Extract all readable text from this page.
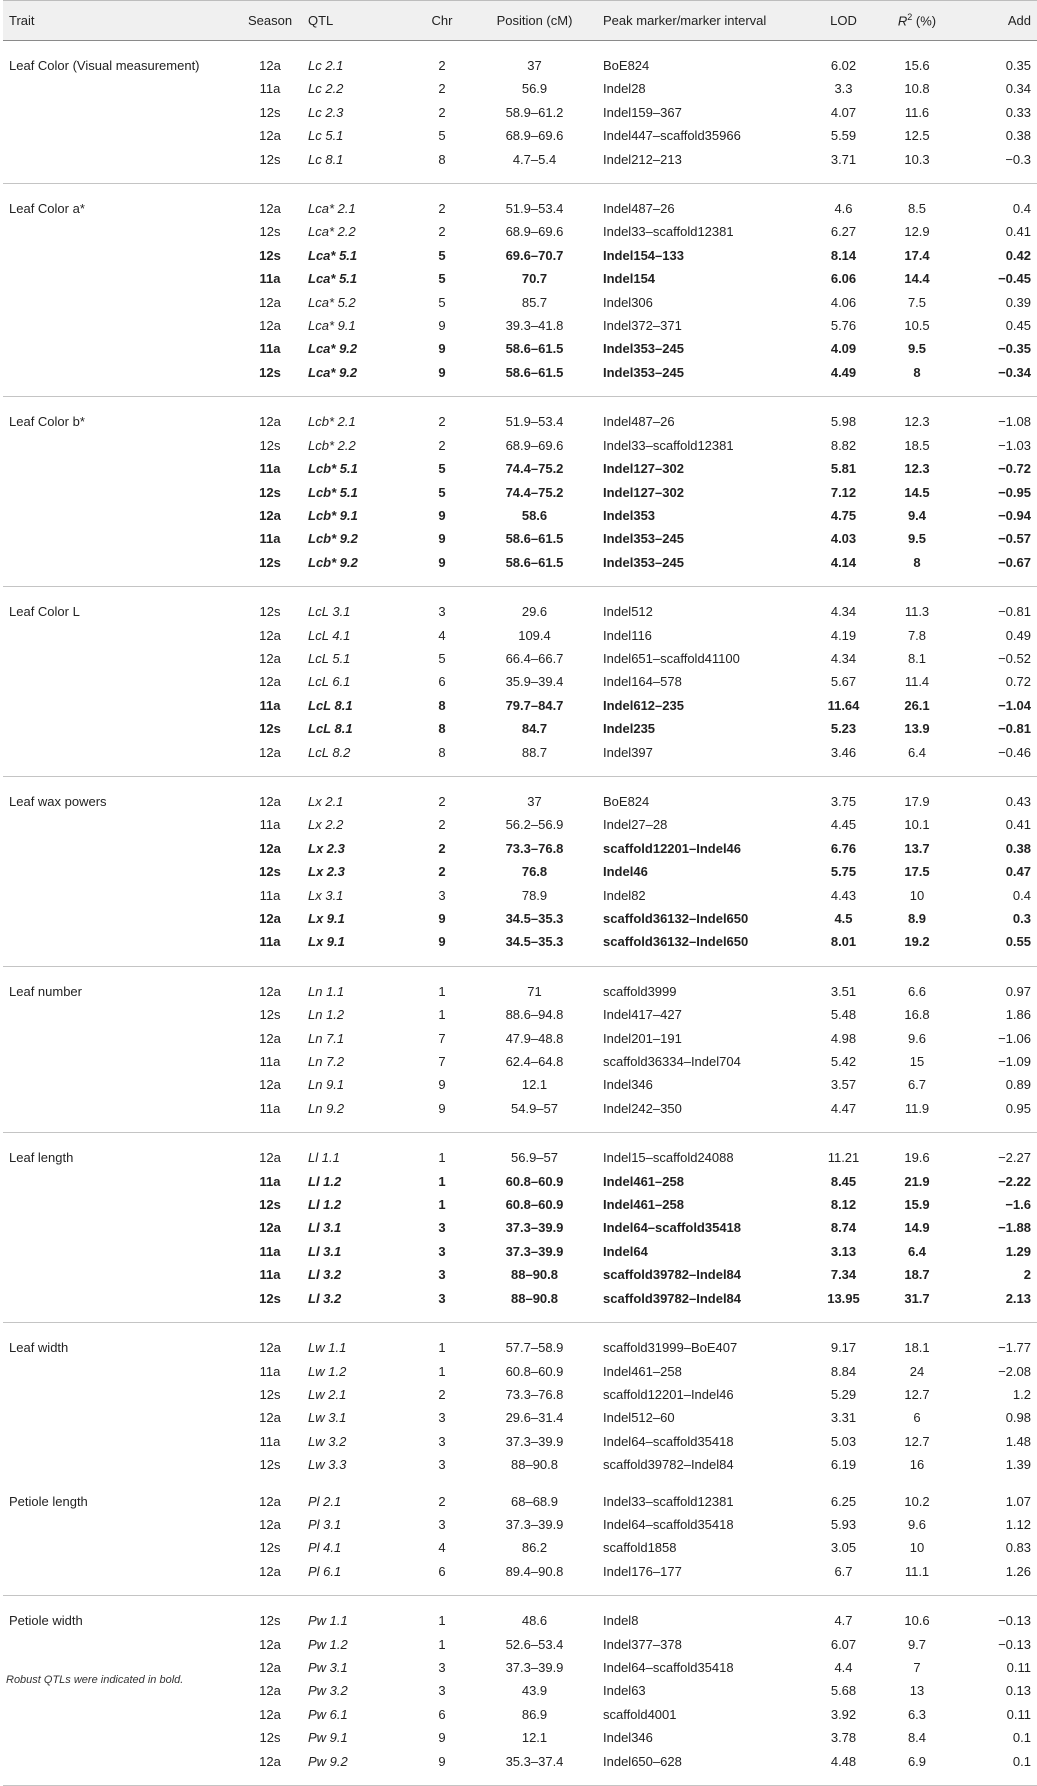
Trait	Season	QTL	Chr	Position (cM)	Peak marker/marker interval	LOD	$R^2$ (%)	Add
Leaf Color (Visual measurement)	12a	Lc 2.1	2	37	BoE824	6.02	15.6	0.35
	11a	Lc 2.2	2	56.9	Indel28	3.3	10.8	0.34
	12s	Lc 2.3	2	58.9–61.2	Indel159–367	4.07	11.6	0.33
	12a	Lc 5.1	5	68.9–69.6	Indel447–scaffold35966	5.59	12.5	0.38
	12s	Lc 8.1	8	4.7–5.4	Indel212–213	3.71	10.3	−0.3
Leaf Color a*	12a	Lca* 2.1	2	51.9–53.4	Indel487–26	4.6	8.5	0.4
	12s	Lca* 2.2	2	68.9–69.6	Indel33–scaffold12381	6.27	12.9	0.41
	12s	Lca* 5.1	5	69.6–70.7	Indel154–133	8.14	17.4	0.42
	11a	Lca* 5.1	5	70.7	Indel154	6.06	14.4	−0.45
	12a	Lca* 5.2	5	85.7	Indel306	4.06	7.5	0.39
	12a	Lca* 9.1	9	39.3–41.8	Indel372–371	5.76	10.5	0.45
	11a	Lca* 9.2	9	58.6–61.5	Indel353–245	4.09	9.5	−0.35
	12s	Lca* 9.2	9	58.6–61.5	Indel353–245	4.49	8	−0.34
Leaf Color b*	12a	Lcb* 2.1	2	51.9–53.4	Indel487–26	5.98	12.3	−1.08
	12s	Lcb* 2.2	2	68.9–69.6	Indel33–scaffold12381	8.82	18.5	−1.03
	11a	Lcb* 5.1	5	74.4–75.2	Indel127–302	5.81	12.3	−0.72
	12s	Lcb* 5.1	5	74.4–75.2	Indel127–302	7.12	14.5	−0.95
	12a	Lcb* 9.1	9	58.6	Indel353	4.75	9.4	−0.94
	11a	Lcb* 9.2	9	58.6–61.5	Indel353–245	4.03	9.5	−0.57
	12s	Lcb* 9.2	9	58.6–61.5	Indel353–245	4.14	8	−0.67
Leaf Color L	12s	LcL 3.1	3	29.6	Indel512	4.34	11.3	−0.81
	12a	LcL 4.1	4	109.4	Indel116	4.19	7.8	0.49
	12a	LcL 5.1	5	66.4–66.7	Indel651–scaffold41100	4.34	8.1	−0.52
	12a	LcL 6.1	6	35.9–39.4	Indel164–578	5.67	11.4	0.72
	11a	LcL 8.1	8	79.7–84.7	Indel612–235	11.64	26.1	−1.04
	12s	LcL 8.1	8	84.7	Indel235	5.23	13.9	−0.81
	12a	LcL 8.2	8	88.7	Indel397	3.46	6.4	−0.46
Leaf wax powers	12a	Lx 2.1	2	37	BoE824	3.75	17.9	0.43
	11a	Lx 2.2	2	56.2–56.9	Indel27–28	4.45	10.1	0.41
	12a	Lx 2.3	2	73.3–76.8	scaffold12201–Indel46	6.76	13.7	0.38
	12s	Lx 2.3	2	76.8	Indel46	5.75	17.5	0.47
	11a	Lx 3.1	3	78.9	Indel82	4.43	10	0.4
	12a	Lx 9.1	9	34.5–35.3	scaffold36132–Indel650	4.5	8.9	0.3
	11a	Lx 9.1	9	34.5–35.3	scaffold36132–Indel650	8.01	19.2	0.55
Leaf number	12a	Ln 1.1	1	71	scaffold3999	3.51	6.6	0.97
	12s	Ln 1.2	1	88.6–94.8	Indel417–427	5.48	16.8	1.86
	12a	Ln 7.1	7	47.9–48.8	Indel201–191	4.98	9.6	−1.06
	11a	Ln 7.2	7	62.4–64.8	scaffold36334–Indel704	5.42	15	−1.09
	12a	Ln 9.1	9	12.1	Indel346	3.57	6.7	0.89
	11a	Ln 9.2	9	54.9–57	Indel242–350	4.47	11.9	0.95
Leaf length	12a	Ll 1.1	1	56.9–57	Indel15–scaffold24088	11.21	19.6	−2.27
	11a	Ll 1.2	1	60.8–60.9	Indel461–258	8.45	21.9	−2.22
	12s	Ll 1.2	1	60.8–60.9	Indel461–258	8.12	15.9	−1.6
	12a	Ll 3.1	3	37.3–39.9	Indel64–scaffold35418	8.74	14.9	−1.88
	11a	Ll 3.1	3	37.3–39.9	Indel64	3.13	6.4	1.29
	11a	Ll 3.2	3	88–90.8	scaffold39782–Indel84	7.34	18.7	2
	12s	Ll 3.2	3	88–90.8	scaffold39782–Indel84	13.95	31.7	2.13
Leaf width	12a	Lw 1.1	1	57.7–58.9	scaffold31999–BoE407	9.17	18.1	−1.77
	11a	Lw 1.2	1	60.8–60.9	Indel461–258	8.84	24	−2.08
	12s	Lw 2.1	2	73.3–76.8	scaffold12201–Indel46	5.29	12.7	1.2
	12a	Lw 3.1	3	29.6–31.4	Indel512–60	3.31	6	0.98
	11a	Lw 3.2	3	37.3–39.9	Indel64–scaffold35418	5.03	12.7	1.48
	12s	Lw 3.3	3	88–90.8	scaffold39782–Indel84	6.19	16	1.39
Petiole length	12a	Pl 2.1	2	68–68.9	Indel33–scaffold12381	6.25	10.2	1.07
	12a	Pl 3.1	3	37.3–39.9	Indel64–scaffold35418	5.93	9.6	1.12
	12s	Pl 4.1	4	86.2	scaffold1858	3.05	10	0.83
	12a	Pl 6.1	6	89.4–90.8	Indel176–177	6.7	11.1	1.26
Petiole width	12s	Pw 1.1	1	48.6	Indel8	4.7	10.6	−0.13
	12a	Pw 1.2	1	52.6–53.4	Indel377–378	6.07	9.7	−0.13
	12a	Pw 3.1	3	37.3–39.9	Indel64–scaffold35418	4.4	7	0.11
	12a	Pw 3.2	3	43.9	Indel63	5.68	13	0.13
	12a	Pw 6.1	6	86.9	scaffold4001	3.92	6.3	0.11
	12s	Pw 9.1	9	12.1	Indel346	3.78	8.4	0.1
	12a	Pw 9.2	9	35.3–37.4	Indel650–628	4.48	6.9	0.1
Robust QTLs were indicated in bold.
